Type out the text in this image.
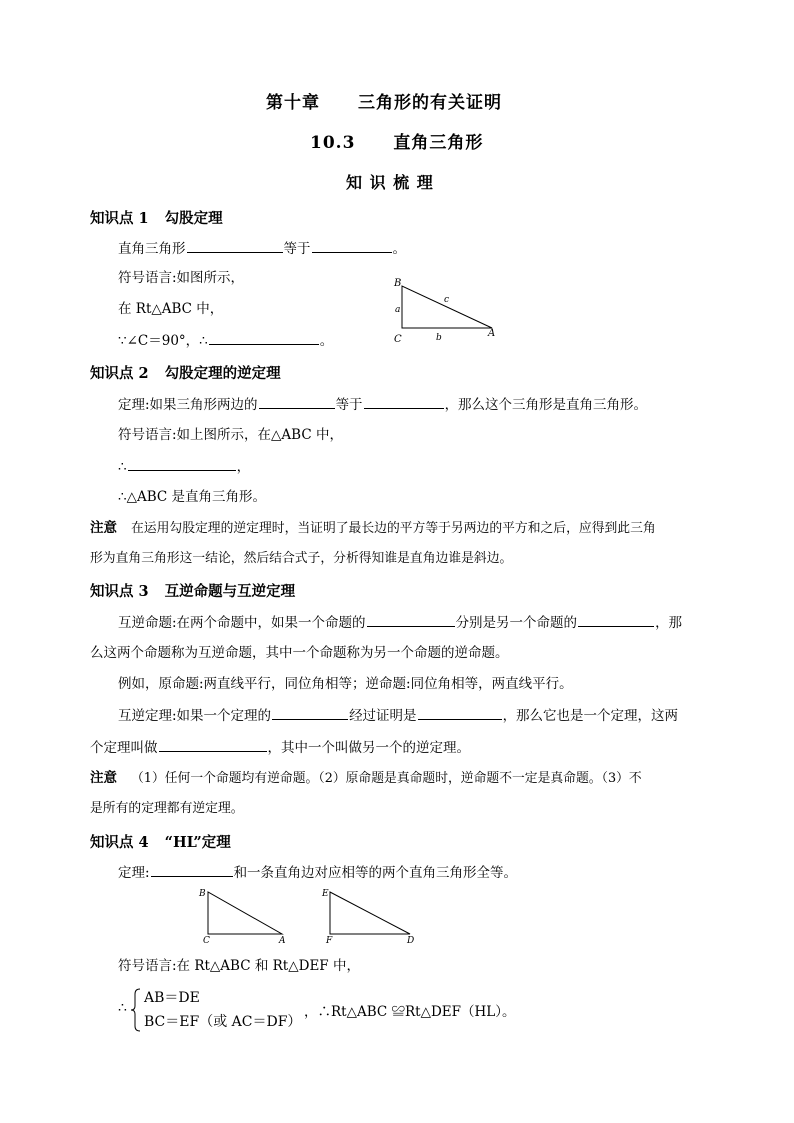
第十章 三角形的有关证明
10.3 直角三角形
知 识 梳 理
知识点 1 勾股定理
直角三角形	等于	。
符号语言:如图所示，
在 Rt△ABC 中，
∵∠C＝90°，∴	。
B
C
A
a
b
c
知识点 2 勾股定理的逆定理
定理:如果三角形两边的	等于	，那么这个三角形是直角三角形。
符号语言:如上图所示，在△ABC 中，
∴	，
∴△ABC 是直角三角形。
注意 在运用勾股定理的逆定理时，当证明了最长边的平方等于另两边的平方和之后，应得到此三角
形为直角三角形这一结论，然后结合式子，分析得知谁是直角边谁是斜边。
知识点 3 互逆命题与互逆定理
互逆命题:在两个命题中，如果一个命题的	分别是另一个命题的	，那
么这两个命题称为互逆命题，其中一个命题称为另一个命题的逆命题。
例如，原命题:两直线平行，同位角相等；逆命题:同位角相等，两直线平行。
互逆定理:如果一个定理的	经过证明是	，那么它也是一个定理，这两
个定理叫做	，其中一个叫做另一个的逆定理。
注意 （1）任何一个命题均有逆命题。（2）原命题是真命题时，逆命题不一定是真命题。（3）不
是所有的定理都有逆定理。
知识点 4 “HL”定理
定理:	和一条直角边对应相等的两个直角三角形全等。
B
C	A
E
F	D
符号语言:在 Rt△ABC 和 Rt△DEF 中，
∴
AB＝DE
BC＝EF（或 AC＝DF）
，∴Rt△ABC ≌Rt△DEF（HL）。
